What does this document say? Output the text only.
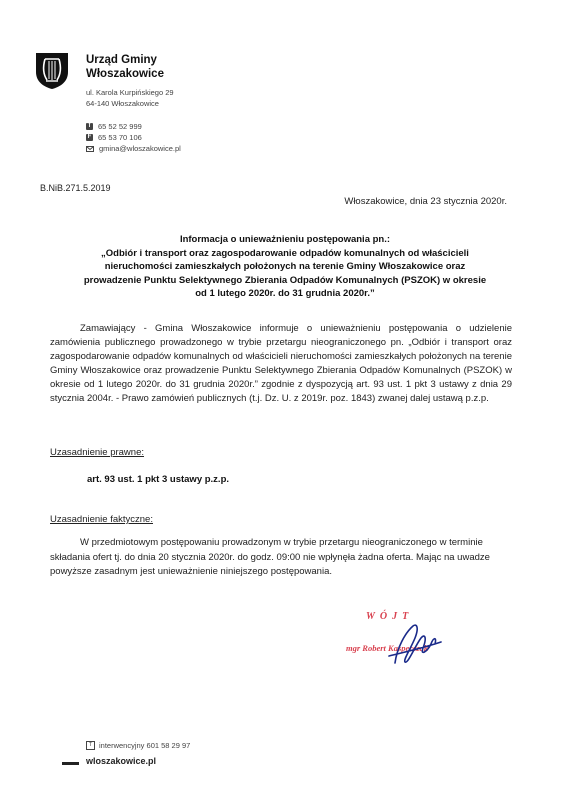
Urząd Gminy
Włoszakowice
ul. Karola Kurpińskiego 29
64-140 Włoszakowice
T 65 52 52 999
F 65 53 70 106
gmina@wloszakowice.pl
B.NiB.271.5.2019
Włoszakowice, dnia 23 stycznia 2020r.
Informacja o unieważnieniu postępowania pn.:
„Odbiór i transport oraz zagospodarowanie odpadów komunalnych od właścicieli
nieruchomości zamieszkałych położonych na terenie Gminy Włoszakowice oraz
prowadzenie Punktu Selektywnego Zbierania Odpadów Komunalnych (PSZOK) w okresie
od 1 lutego 2020r. do 31 grudnia 2020r.”
Zamawiający - Gmina Włoszakowice informuje o unieważnieniu postępowania o udzielenie zamówienia publicznego prowadzonego w trybie przetargu nieograniczonego pn. „Odbiór i transport oraz zagospodarowanie odpadów komunalnych od właścicieli nieruchomości zamieszkałych położonych na terenie Gminy Włoszakowice oraz prowadzenie Punktu Selektywnego Zbierania Odpadów Komunalnych (PSZOK) w okresie od 1 lutego 2020r. do 31 grudnia 2020r.” zgodnie z dyspozycją art. 93 ust. 1 pkt 3 ustawy z dnia 29 stycznia 2004r. - Prawo zamówień publicznych (t.j. Dz. U. z 2019r. poz. 1843) zwanej dalej ustawą p.z.p.
Uzasadnienie prawne:
art. 93 ust. 1 pkt 3 ustawy p.z.p.
Uzasadnienie faktyczne:
W przedmiotowym postępowaniu prowadzonym w trybie przetargu nieograniczonego w terminie składania ofert tj. do dnia 20 stycznia 2020r. do godz. 09:00 nie wpłynęła żadna oferta. Mając na uwadze powyższe zasadnym jest unieważnienie niniejszego postępowania.
WÓJT
mgr Robert Kasperczak
T interwencyjny 601 58 29 97
wloszakowice.pl
